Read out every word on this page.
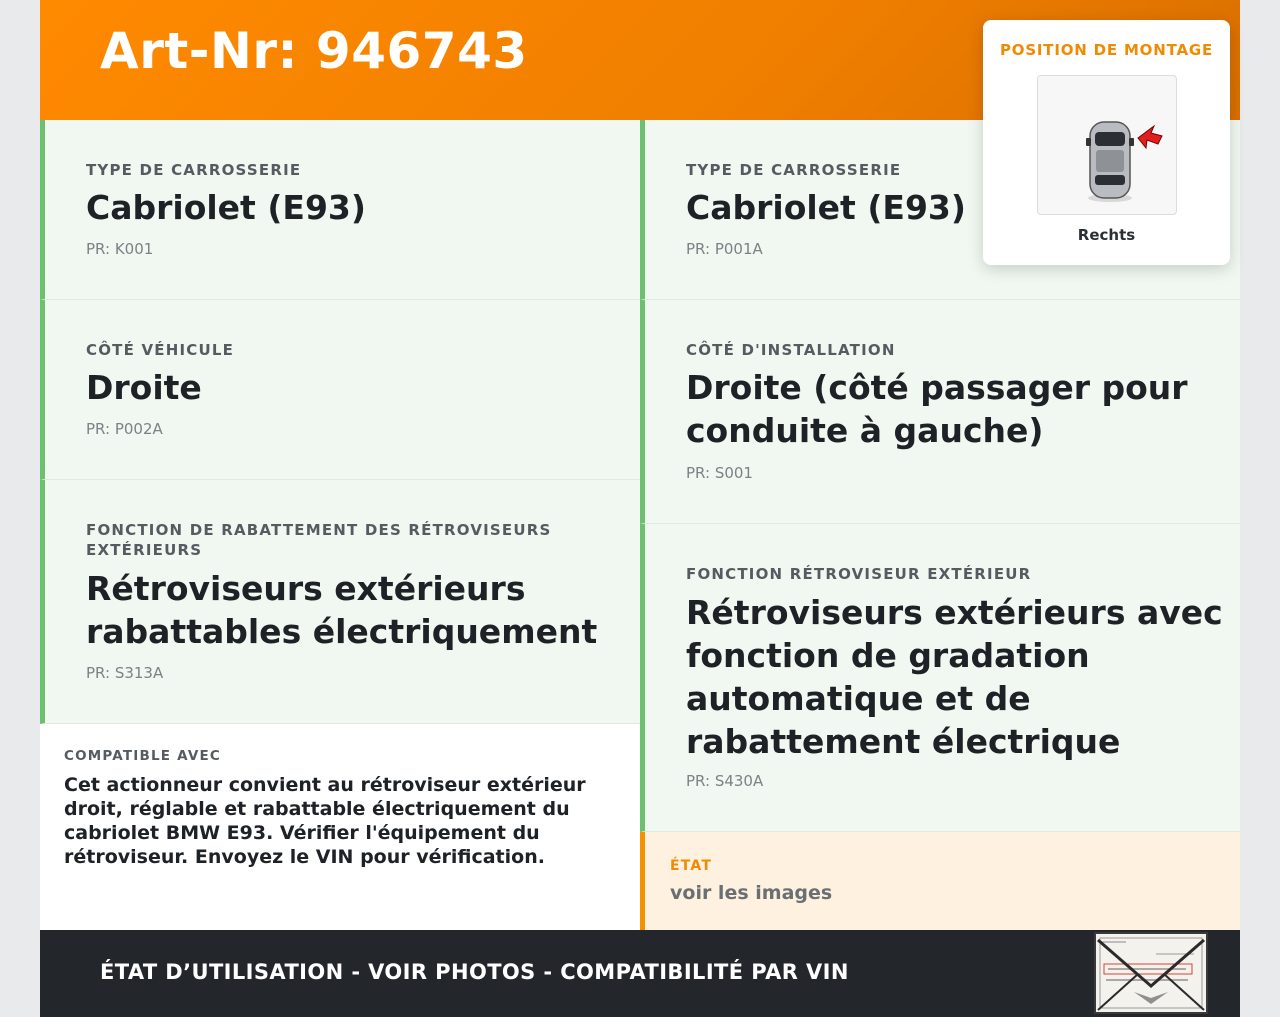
Art-Nr: 946743
TYPE DE CARROSSERIE
Cabriolet (E93)
PR: K001
CÔTÉ VÉHICULE
Droite
PR: P002A
FONCTION DE RABATTEMENT DES RÉTROVISEURS EXTÉRIEURS
Rétroviseurs extérieurs rabattables électriquement
PR: S313A
TYPE DE CARROSSERIE
Cabriolet (E93)
PR: P001A
CÔTÉ D'INSTALLATION
Droite (côté passager pour conduite à gauche)
PR: S001
FONCTION RÉTROVISEUR EXTÉRIEUR
Rétroviseurs extérieurs avec fonction de gradation automatique et de rabattement électrique
PR: S430A
COMPATIBLE AVEC
Cet actionneur convient au rétroviseur extérieur droit, réglable et rabattable électriquement du cabriolet BMW E93. Vérifier l'équipement du rétroviseur. Envoyez le VIN pour vérification.	ÉTAT
voir les images
ÉTAT D’UTILISATION - VOIR PHOTOS - COMPATIBILITÉ PAR VIN
POSITION DE MONTAGE
Rechts
